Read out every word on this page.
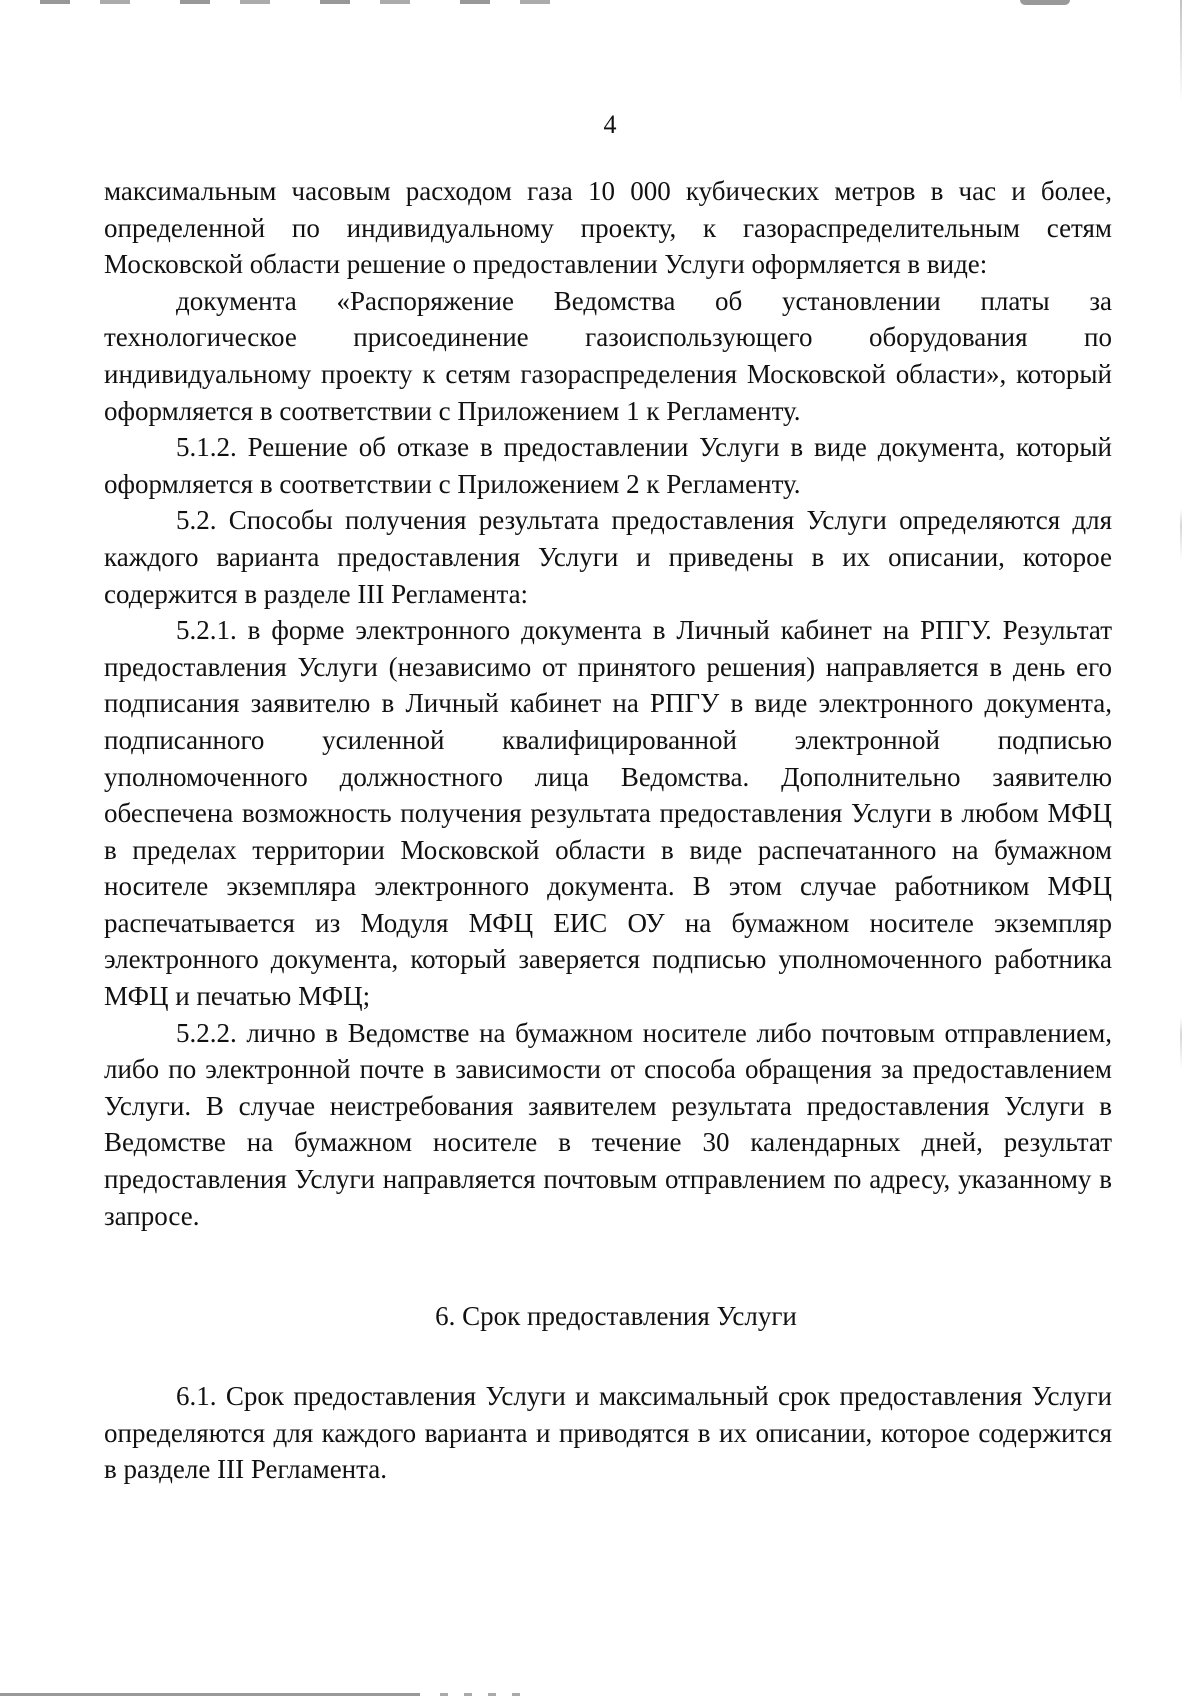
4

максимальным часовым расходом газа 10 000 кубических метров в час и более, определенной по индивидуальному проекту, к газораспределительным сетям Московской области решение о предоставлении Услуги оформляется в виде:

документа «Распоряжение Ведомства об установлении платы за технологическое присоединение газоиспользующего оборудования по индивидуальному проекту к сетям газораспределения Московской области», который оформляется в соответствии с Приложением 1 к Регламенту.

5.1.2. Решение об отказе в предоставлении Услуги в виде документа, который оформляется в соответствии с Приложением 2 к Регламенту.

5.2. Способы получения результата предоставления Услуги определяются для каждого варианта предоставления Услуги и приведены в их описании, которое содержится в разделе III Регламента:

5.2.1. в форме электронного документа в Личный кабинет на РПГУ. Результат предоставления Услуги (независимо от принятого решения) направляется в день его подписания заявителю в Личный кабинет на РПГУ в виде электронного документа, подписанного усиленной квалифицированной электронной подписью уполномоченного должностного лица Ведомства. Дополнительно заявителю обеспечена возможность получения результата предоставления Услуги в любом МФЦ в пределах территории Московской области в виде распечатанного на бумажном носителе экземпляра электронного документа. В этом случае работником МФЦ распечатывается из Модуля МФЦ ЕИС ОУ на бумажном носителе экземпляр электронного документа, который заверяется подписью уполномоченного работника МФЦ и печатью МФЦ;

5.2.2. лично в Ведомстве на бумажном носителе либо почтовым отправлением, либо по электронной почте в зависимости от способа обращения за предоставлением Услуги. В случае неистребования заявителем результата предоставления Услуги в Ведомстве на бумажном носителе в течение 30 календарных дней, результат предоставления Услуги направляется почтовым отправлением по адресу, указанному в запросе.

6. Срок предоставления Услуги

6.1. Срок предоставления Услуги и максимальный срок предоставления Услуги определяются для каждого варианта и приводятся в их описании, которое содержится в разделе III Регламента.
